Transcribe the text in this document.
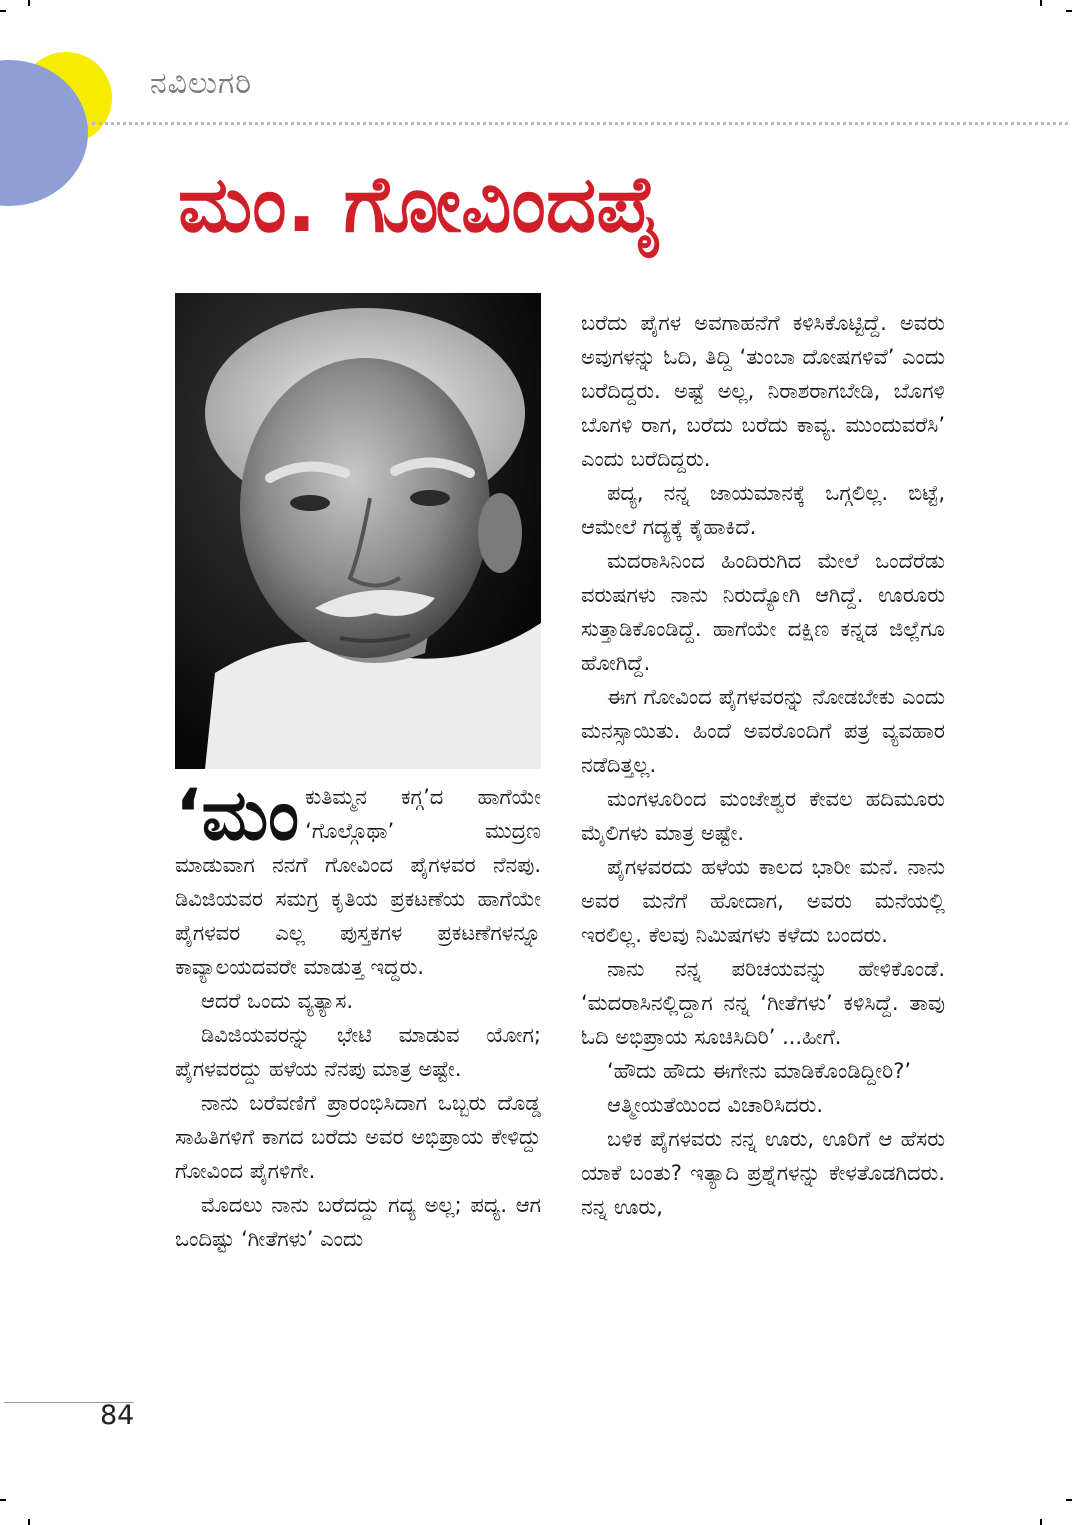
ನವಿಲುಗರಿ
ಮಂ. ಗೋವಿಂದಪೈ

‘ಮಂಕುತಿಮ್ಮನ ಕಗ್ಗ’ದ ಹಾಗೆಯೇ ‘ಗೊಲ್ಗೊಥಾ’ ಮುದ್ರಣ ಮಾಡುವಾಗ ನನಗೆ ಗೋವಿಂದ ಪೈಗಳವರ ನೆನಪು. ಡಿವಿಜಿಯವರ ಸಮಗ್ರ ಕೃತಿಯ ಪ್ರಕಟಣೆಯ ಹಾಗೆಯೇ ಪೈಗಳವರ ಎಲ್ಲ ಪುಸ್ತಕಗಳ ಪ್ರಕಟಣೆಗಳನ್ನೂ ಕಾವ್ಯಾಲಯದವರೇ ಮಾಡುತ್ತ ಇದ್ದರು.

ಆದರೆ ಒಂದು ವ್ಯತ್ಯಾಸ.

ಡಿವಿಜಿಯವರನ್ನು ಭೇಟಿ ಮಾಡುವ ಯೋಗ; ಪೈಗಳವರದ್ದು ಹಳೆಯ ನೆನಪು ಮಾತ್ರ ಅಷ್ಟೇ.

ನಾನು ಬರೆವಣಿಗೆ ಪ್ರಾರಂಭಿಸಿದಾಗ ಒಬ್ಬರು ದೊಡ್ಡ ಸಾಹಿತಿಗಳಿಗೆ ಕಾಗದ ಬರೆದು ಅವರ ಅಭಿಪ್ರಾಯ ಕೇಳಿದ್ದು ಗೋವಿಂದ ಪೈಗಳಿಗೇ.

ಮೊದಲು ನಾನು ಬರೆದದ್ದು ಗದ್ಯ ಅಲ್ಲ; ಪದ್ಯ. ಆಗ ಒಂದಿಷ್ಟು ‘ಗೀತೆಗಳು’ ಎಂದು

ಬರೆದು ಪೈಗಳ ಅವಗಾಹನೆಗೆ ಕಳಿಸಿಕೊಟ್ಟಿದ್ದೆ. ಅವರು ಅವುಗಳನ್ನು ಓದಿ, ತಿದ್ದಿ ‘ತುಂಬಾ ದೋಷಗಳಿವೆ’ ಎಂದು ಬರೆದಿದ್ದರು. ಅಷ್ಟೆ ಅಲ್ಲ, ನಿರಾಶರಾಗಬೇಡಿ, ಬೊಗಳಿ ಬೊಗಳಿ ರಾಗ, ಬರೆದು ಬರೆದು ಕಾವ್ಯ. ಮುಂದುವರೆಸಿ’ ಎಂದು ಬರೆದಿದ್ದರು.

ಪದ್ಯ, ನನ್ನ ಜಾಯಮಾನಕ್ಕೆ ಒಗ್ಗಲಿಲ್ಲ. ಬಿಟ್ಟೆ, ಆಮೇಲೆ ಗದ್ಯಕ್ಕೆ ಕೈಹಾಕಿದೆ.

ಮದರಾಸಿನಿಂದ ಹಿಂದಿರುಗಿದ ಮೇಲೆ ಒಂದೆರೆಡು ವರುಷಗಳು ನಾನು ನಿರುದ್ಯೋಗಿ ಆಗಿದ್ದೆ. ಊರೂರು ಸುತ್ತಾಡಿಕೊಂಡಿದ್ದೆ. ಹಾಗೆಯೇ ದಕ್ಷಿಣ ಕನ್ನಡ ಜಿಲ್ಲೆಗೂ ಹೋಗಿದ್ದೆ.

ಈಗ ಗೋವಿಂದ ಪೈಗಳವರನ್ನು ನೋಡಬೇಕು ಎಂದು ಮನಸ್ಸಾಯಿತು. ಹಿಂದೆ ಅವರೊಂದಿಗೆ ಪತ್ರ ವ್ಯವಹಾರ ನಡೆದಿತ್ತಲ್ಲ.

ಮಂಗಳೂರಿಂದ ಮಂಜೇಶ್ವರ ಕೇವಲ ಹದಿಮೂರು ಮೈಲಿಗಳು ಮಾತ್ರ ಅಷ್ಟೇ.

ಪೈಗಳವರದು ಹಳೆಯ ಕಾಲದ ಭಾರೀ ಮನೆ. ನಾನು ಅವರ ಮನೆಗೆ ಹೋದಾಗ, ಅವರು ಮನೆಯಲ್ಲಿ ಇರಲಿಲ್ಲ. ಕೆಲವು ನಿಮಿಷಗಳು ಕಳೆದು ಬಂದರು.

ನಾನು ನನ್ನ ಪರಿಚಯವನ್ನು ಹೇಳಿಕೊಂಡೆ. ‘ಮದರಾಸಿನಲ್ಲಿದ್ದಾಗ ನನ್ನ ‘ಗೀತೆಗಳು’ ಕಳಿಸಿದ್ದೆ. ತಾವು ಓದಿ ಅಭಿಪ್ರಾಯ ಸೂಚಿಸಿದಿರಿ’ ...ಹೀಗೆ.

‘ಹೌದು ಹೌದು ಈಗೇನು ಮಾಡಿಕೊಂಡಿದ್ದೀರಿ?’

ಆತ್ಮೀಯತೆಯಿಂದ ವಿಚಾರಿಸಿದರು.

ಬಳಿಕ ಪೈಗಳವರು ನನ್ನ ಊರು, ಊರಿಗೆ ಆ ಹೆಸರು ಯಾಕೆ ಬಂತು? ಇತ್ಯಾದಿ ಪ್ರಶ್ನೆಗಳನ್ನು ಕೇಳತೊಡಗಿದರು. ನನ್ನ ಊರು,

84
